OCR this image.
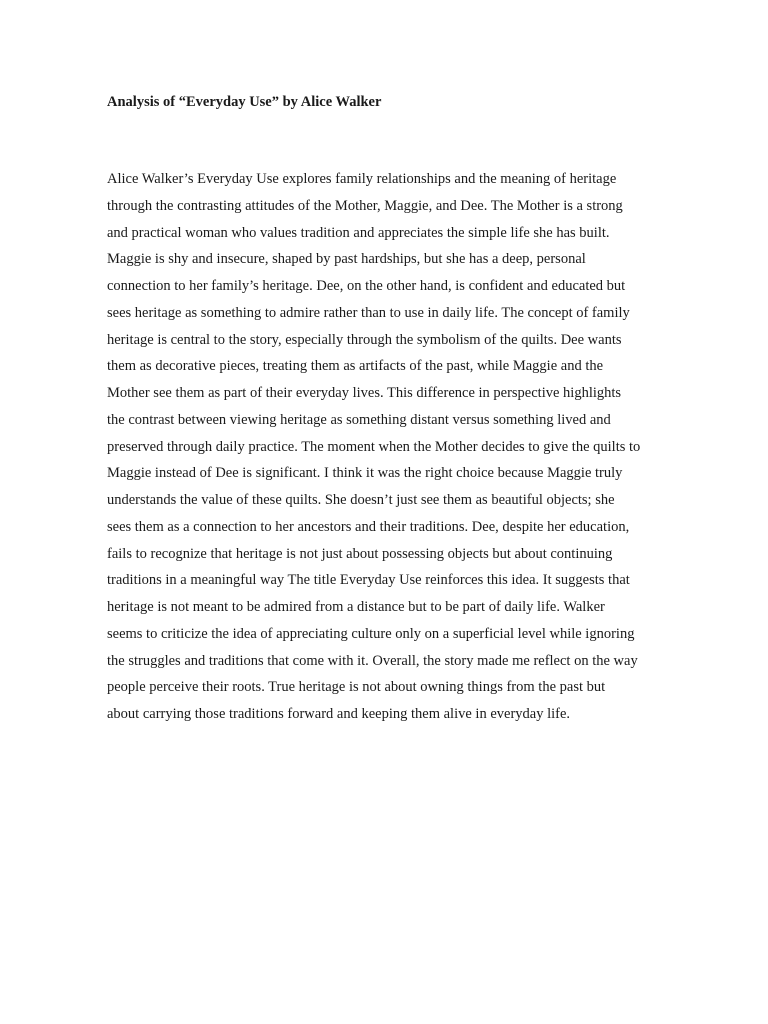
Analysis of “Everyday Use” by Alice Walker
Alice Walker’s Everyday Use explores family relationships and the meaning of heritage
through the contrasting attitudes of the Mother, Maggie, and Dee. The Mother is a strong
and practical woman who values tradition and appreciates the simple life she has built.
Maggie is shy and insecure, shaped by past hardships, but she has a deep, personal
connection to her family’s heritage. Dee, on the other hand, is confident and educated but
sees heritage as something to admire rather than to use in daily life. The concept of family
heritage is central to the story, especially through the symbolism of the quilts. Dee wants
them as decorative pieces, treating them as artifacts of the past, while Maggie and the
Mother see them as part of their everyday lives. This difference in perspective highlights
the contrast between viewing heritage as something distant versus something lived and
preserved through daily practice. The moment when the Mother decides to give the quilts to
Maggie instead of Dee is significant. I think it was the right choice because Maggie truly
understands the value of these quilts. She doesn’t just see them as beautiful objects; she
sees them as a connection to her ancestors and their traditions. Dee, despite her education,
fails to recognize that heritage is not just about possessing objects but about continuing
traditions in a meaningful way The title Everyday Use reinforces this idea. It suggests that
heritage is not meant to be admired from a distance but to be part of daily life. Walker
seems to criticize the idea of appreciating culture only on a superficial level while ignoring
the struggles and traditions that come with it. Overall, the story made me reflect on the way
people perceive their roots. True heritage is not about owning things from the past but
about carrying those traditions forward and keeping them alive in everyday life.
